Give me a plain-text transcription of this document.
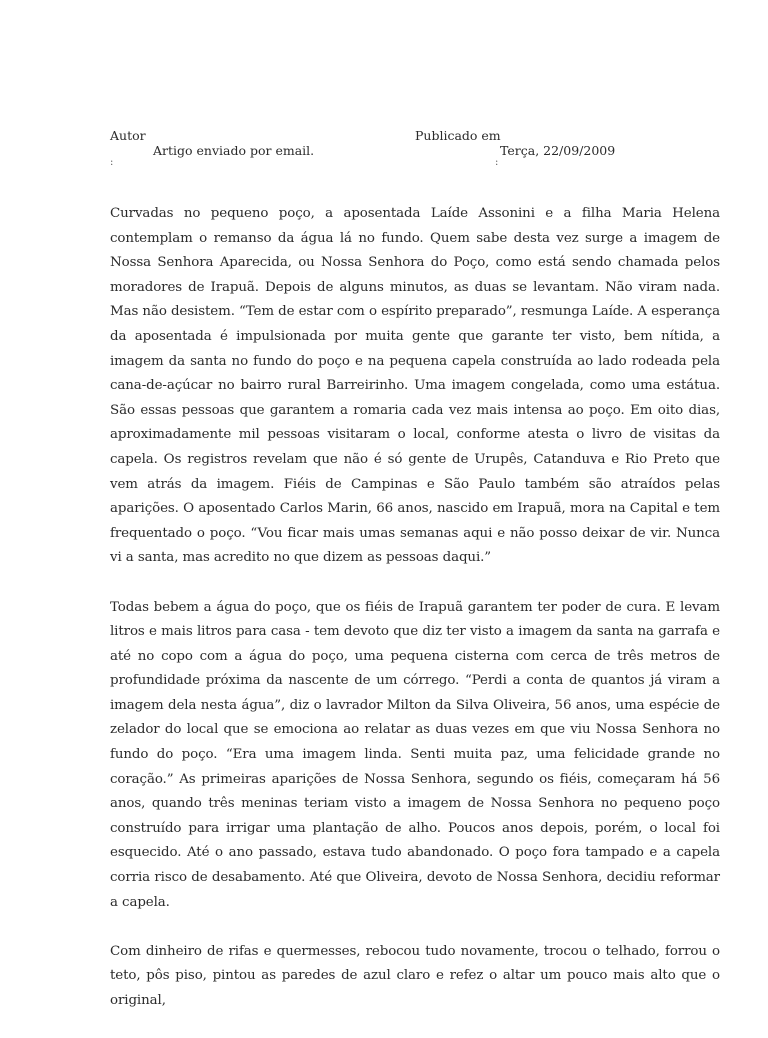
Autor
Artigo enviado por email.
:
Publicado em
Terça, 22/09/2009
:

Curvadas no pequeno poço, a aposentada Laíde Assonini e a filha Maria Helena contemplam o remanso da água lá no fundo. Quem sabe desta vez surge a imagem de Nossa Senhora Aparecida, ou Nossa Senhora do Poço, como está sendo chamada pelos moradores de Irapuã. Depois de alguns minutos, as duas se levantam. Não viram nada. Mas não desistem. “Tem de estar com o espírito preparado”, resmunga Laíde. A esperança da aposentada é impulsionada por muita gente que garante ter visto, bem nítida, a imagem da santa no fundo do poço e na pequena capela construída ao lado rodeada pela cana-de-açúcar no bairro rural Barreirinho. Uma imagem congelada, como uma estátua. São essas pessoas que garantem a romaria cada vez mais intensa ao poço. Em oito dias, aproximadamente mil pessoas visitaram o local, conforme atesta o livro de visitas da capela. Os registros revelam que não é só gente de Urupês, Catanduva e Rio Preto que vem atrás da imagem. Fiéis de Campinas e São Paulo também são atraídos pelas aparições. O aposentado Carlos Marin, 66 anos, nascido em Irapuã, mora na Capital e tem frequentado o poço. “Vou ficar mais umas semanas aqui e não posso deixar de vir. Nunca vi a santa, mas acredito no que dizem as pessoas daqui.”

Todas bebem a água do poço, que os fiéis de Irapuã garantem ter poder de cura. E levam litros e mais litros para casa - tem devoto que diz ter visto a imagem da santa na garrafa e até no copo com a água do poço, uma pequena cisterna com cerca de três metros de profundidade próxima da nascente de um córrego. “Perdi a conta de quantos já viram a imagem dela nesta água”, diz o lavrador Milton da Silva Oliveira, 56 anos, uma espécie de zelador do local que se emociona ao relatar as duas vezes em que viu Nossa Senhora no fundo do poço. “Era uma imagem linda. Senti muita paz, uma felicidade grande no coração.” As primeiras aparições de Nossa Senhora, segundo os fiéis, começaram há 56 anos, quando três meninas teriam visto a imagem de Nossa Senhora no pequeno poço construído para irrigar uma plantação de alho. Poucos anos depois, porém, o local foi esquecido. Até o ano passado, estava tudo abandonado. O poço fora tampado e a capela corria risco de desabamento. Até que Oliveira, devoto de Nossa Senhora, decidiu reformar a capela.

Com dinheiro de rifas e quermesses, rebocou tudo novamente, trocou o telhado, forrou o teto, pôs piso, pintou as paredes de azul claro e refez o altar um pouco mais alto que o original,
